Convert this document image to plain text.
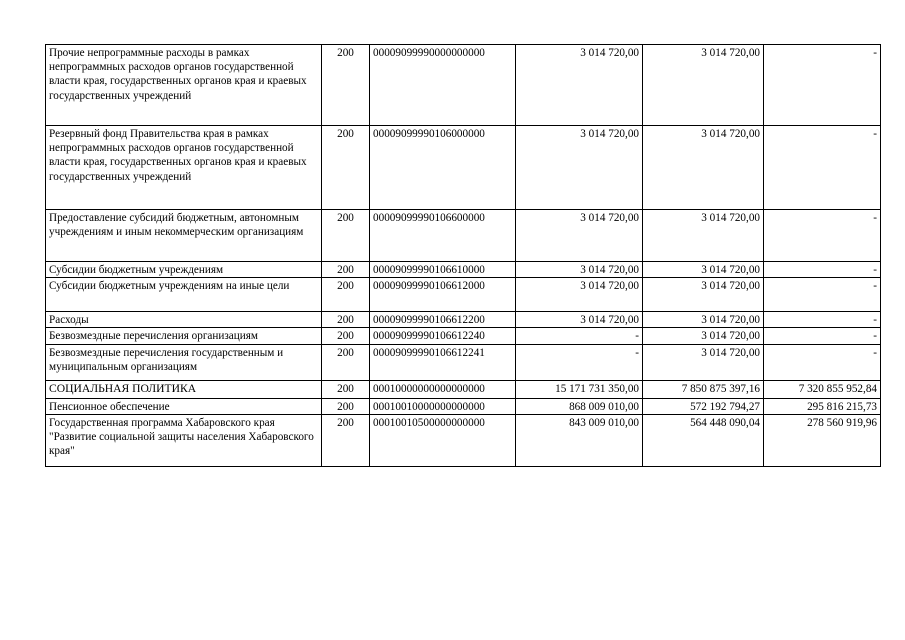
Прочие непрограммные расходы в рамках непрограммных расходов органов государственной власти края, государственных органов края и краевых государственных учреждений	200	00009099990000000000	3 014 720,00	3 014 720,00	-
Резервный фонд Правительства края в рамках непрограммных расходов органов государственной власти края, государственных органов края и краевых государственных учреждений	200	00009099990106000000	3 014 720,00	3 014 720,00	-
Предоставление субсидий бюджетным, автономным учреждениям и иным некоммерческим организациям	200	00009099990106600000	3 014 720,00	3 014 720,00	-
Субсидии бюджетным учреждениям	200	00009099990106610000	3 014 720,00	3 014 720,00	-
Субсидии бюджетным учреждениям на иные цели	200	00009099990106612000	3 014 720,00	3 014 720,00	-
Расходы	200	00009099990106612200	3 014 720,00	3 014 720,00	-
Безвозмездные перечисления организациям	200	00009099990106612240	-	3 014 720,00	-
Безвозмездные перечисления государственным и муниципальным организациям	200	00009099990106612241	-	3 014 720,00	-
СОЦИАЛЬНАЯ ПОЛИТИКА	200	00010000000000000000	15 171 731 350,00	7 850 875 397,16	7 320 855 952,84
Пенсионное обеспечение	200	00010010000000000000	868 009 010,00	572 192 794,27	295 816 215,73
Государственная программа Хабаровского края "Развитие социальной защиты населения Хабаровского края"	200	00010010500000000000	843 009 010,00	564 448 090,04	278 560 919,96
